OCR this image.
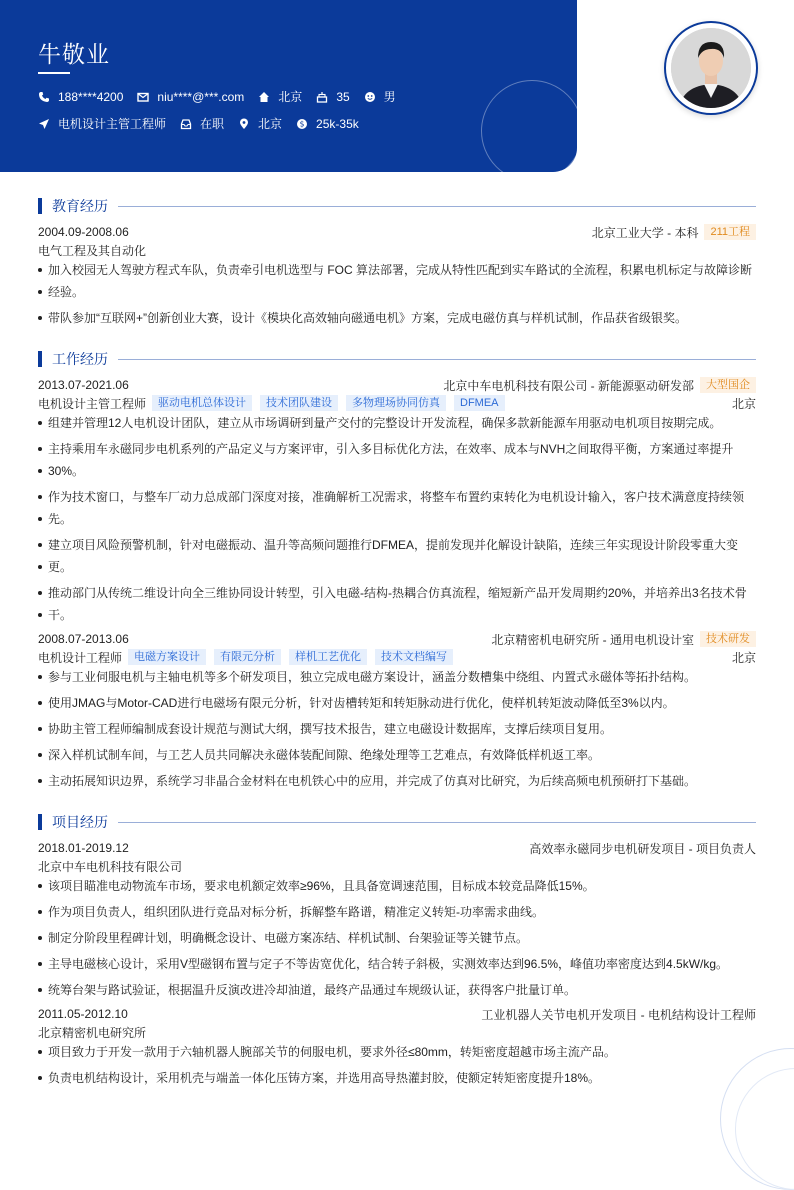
牛敬业
188****4200	niu****@***.com	北京	35	男
电机设计主管工程师	在职	北京 $ 25k-35k
教育经历
2004.09-2008.06	北京工业大学 - 本科	211工程
电气工程及其自动化
加入校园无人驾驶方程式车队，负责牵引电机选型与 FOC 算法部署，完成从特性匹配到实车路试的全流程，积累电机标定与故障诊断
经验。
带队参加“互联网+”创新创业大赛，设计《模块化高效轴向磁通电机》方案，完成电磁仿真与样机试制，作品获省级银奖。
工作经历
2013.07-2021.06	北京中车电机科技有限公司 - 新能源驱动研发部	大型国企
电机设计主管工程师	驱动电机总体设计	技术团队建设	多物理场协同仿真	DFMEA	北京
组建并管理12人电机设计团队，建立从市场调研到量产交付的完整设计开发流程，确保多款新能源车用驱动电机项目按期完成。
主持乘用车永磁同步电机系列的产品定义与方案评审，引入多目标优化方法，在效率、成本与NVH之间取得平衡，方案通过率提升
30%。
作为技术窗口，与整车厂动力总成部门深度对接，准确解析工况需求，将整车布置约束转化为电机设计输入，客户技术满意度持续领
先。
建立项目风险预警机制，针对电磁振动、温升等高频问题推行DFMEA，提前发现并化解设计缺陷，连续三年实现设计阶段零重大变
更。
推动部门从传统二维设计向全三维协同设计转型，引入电磁-结构-热耦合仿真流程，缩短新产品开发周期约20%，并培养出3名技术骨
干。
2008.07-2013.06	北京精密机电研究所 - 通用电机设计室	技术研发
电机设计工程师	电磁方案设计	有限元分析	样机工艺优化	技术文档编写	北京
参与工业伺服电机与主轴电机等多个研发项目，独立完成电磁方案设计，涵盖分数槽集中绕组、内置式永磁体等拓扑结构。
使用JMAG与Motor-CAD进行电磁场有限元分析，针对齿槽转矩和转矩脉动进行优化，使样机转矩波动降低至3%以内。
协助主管工程师编制成套设计规范与测试大纲，撰写技术报告，建立电磁设计数据库，支撑后续项目复用。
深入样机试制车间，与工艺人员共同解决永磁体装配间隙、绝缘处理等工艺难点，有效降低样机返工率。
主动拓展知识边界，系统学习非晶合金材料在电机铁心中的应用，并完成了仿真对比研究，为后续高频电机预研打下基础。
项目经历
2018.01-2019.12	高效率永磁同步电机研发项目 - 项目负责人
北京中车电机科技有限公司
该项目瞄准电动物流车市场，要求电机额定效率≥96%，且具备宽调速范围，目标成本较竞品降低15%。
作为项目负责人，组织团队进行竞品对标分析，拆解整车路谱，精准定义转矩-功率需求曲线。
制定分阶段里程碑计划，明确概念设计、电磁方案冻结、样机试制、台架验证等关键节点。
主导电磁核心设计，采用V型磁钢布置与定子不等齿宽优化，结合转子斜极，实测效率达到96.5%，峰值功率密度达到4.5kW/kg。
统筹台架与路试验证，根据温升反演改进冷却油道，最终产品通过车规级认证，获得客户批量订单。
2011.05-2012.10	工业机器人关节电机开发项目 - 电机结构设计工程师
北京精密机电研究所
项目致力于开发一款用于六轴机器人腕部关节的伺服电机，要求外径≤80mm，转矩密度超越市场主流产品。
负责电机结构设计，采用机壳与端盖一体化压铸方案，并选用高导热灌封胶，使额定转矩密度提升18%。
